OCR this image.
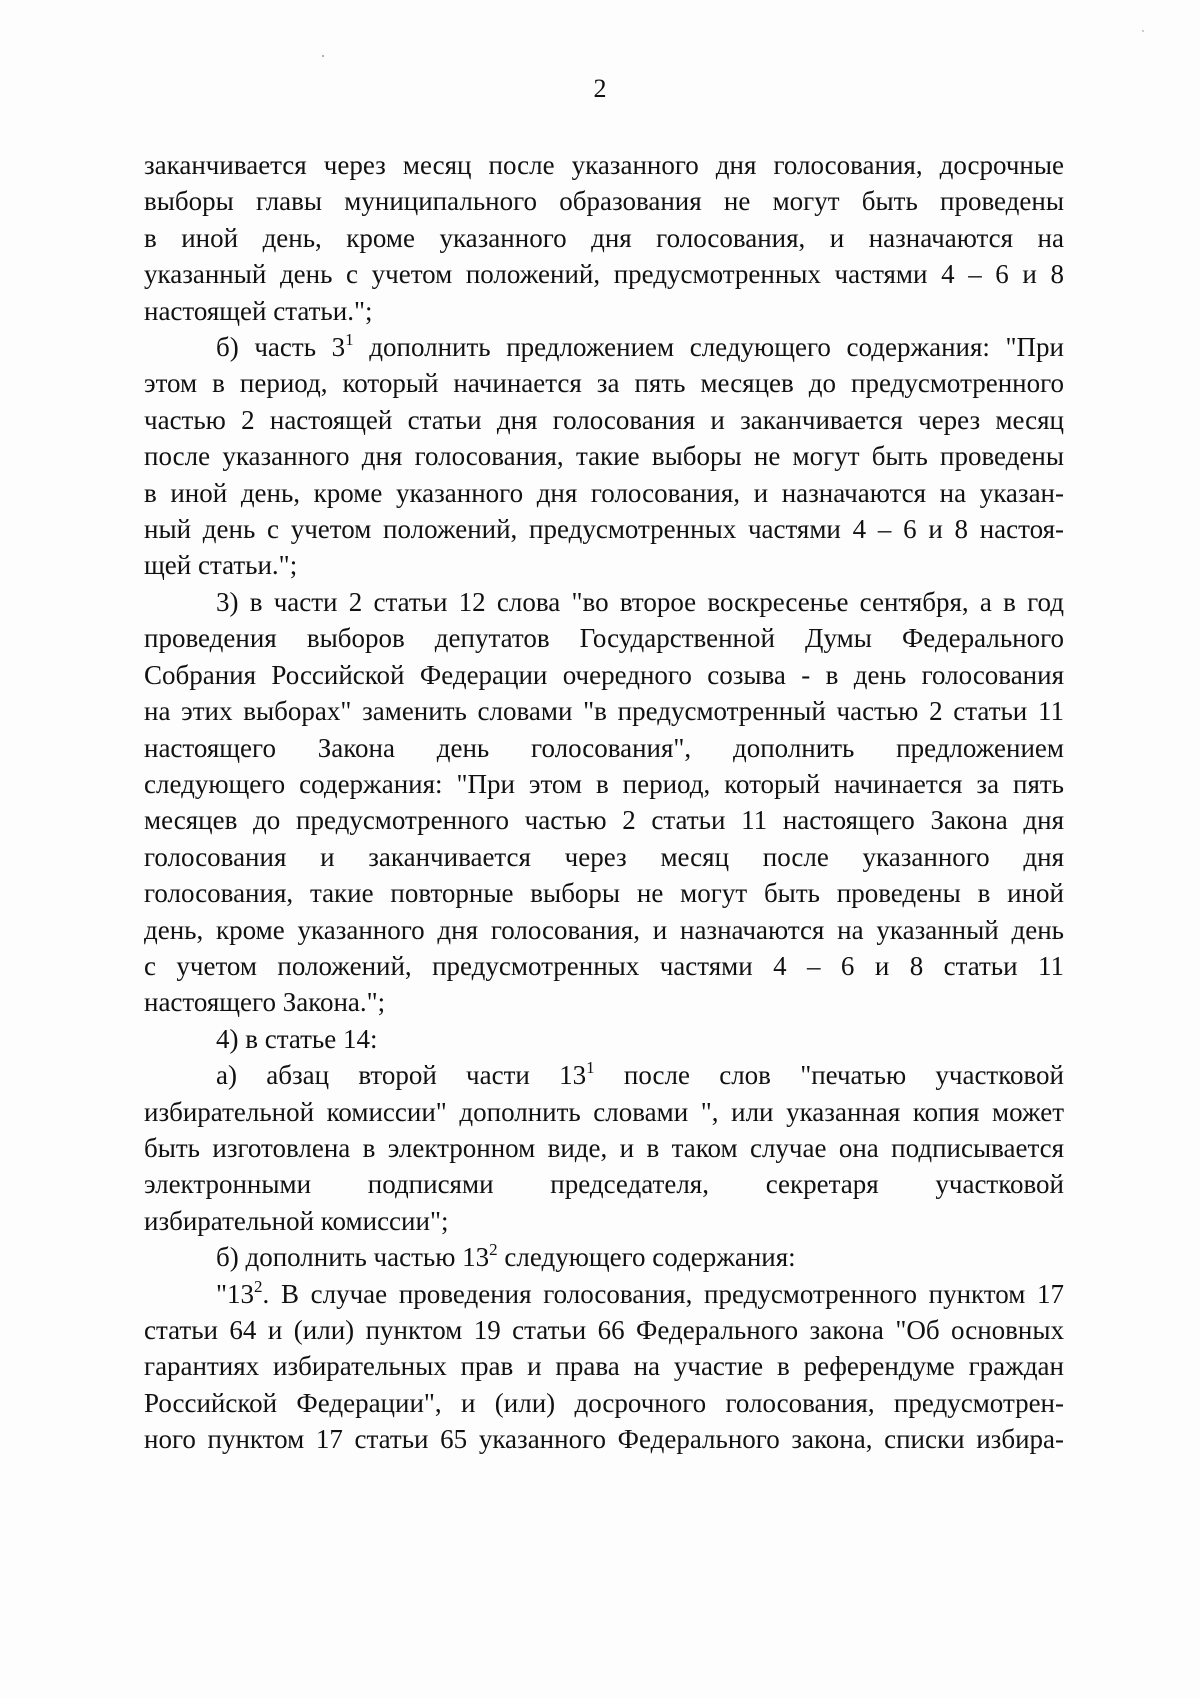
2
заканчивается через месяц после указанного дня голосования, досрочные
выборы главы муниципального образования не могут быть проведены
в иной день, кроме указанного дня голосования, и назначаются на
указанный день с учетом положений, предусмотренных частями 4 – 6 и 8
настоящей статьи.";
б) часть $3^1$ дополнить предложением следующего содержания: "При
этом в период, который начинается за пять месяцев до предусмотренного
частью 2 настоящей статьи дня голосования и заканчивается через месяц
после указанного дня голосования, такие выборы не могут быть проведены
в иной день, кроме указанного дня голосования, и назначаются на указан-
ный день с учетом положений, предусмотренных частями 4 – 6 и 8 настоя-
щей статьи.";
3) в части 2 статьи 12 слова "во второе воскресенье сентября, а в год
проведения выборов депутатов Государственной Думы Федерального
Собрания Российской Федерации очередного созыва - в день голосования
на этих выборах" заменить словами "в предусмотренный частью 2 статьи 11
настоящего Закона день голосования", дополнить предложением
следующего содержания: "При этом в период, который начинается за пять
месяцев до предусмотренного частью 2 статьи 11 настоящего Закона дня
голосования и заканчивается через месяц после указанного дня
голосования, такие повторные выборы не могут быть проведены в иной
день, кроме указанного дня голосования, и назначаются на указанный день
с учетом положений, предусмотренных частями 4 – 6 и 8 статьи 11
настоящего Закона.";
4) в статье 14:
а) абзац второй части $13^1$ после слов "печатью участковой
избирательной комиссии" дополнить словами ", или указанная копия может
быть изготовлена в электронном виде, и в таком случае она подписывается
электронными подписями председателя, секретаря участковой
избирательной комиссии";
б) дополнить частью $13^2$ следующего содержания:
"$13^2$. В случае проведения голосования, предусмотренного пунктом 17
статьи 64 и (или) пунктом 19 статьи 66 Федерального закона "Об основных
гарантиях избирательных прав и права на участие в референдуме граждан
Российской Федерации", и (или) досрочного голосования, предусмотрен-
ного пунктом 17 статьи 65 указанного Федерального закона, списки избира-
